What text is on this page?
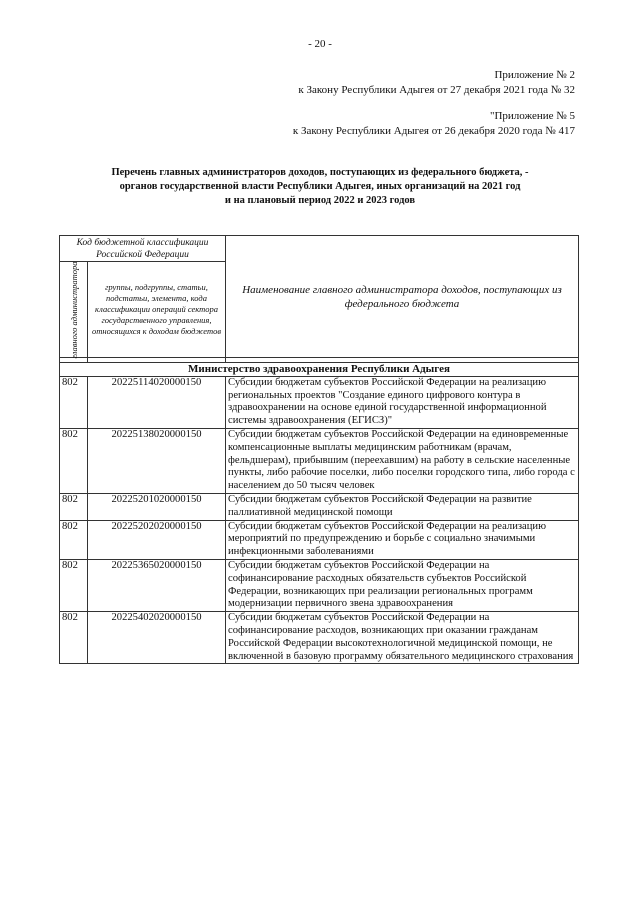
- 20 -
Приложение № 2
к Закону Республики Адыгея от 27 декабря 2021 года № 32
"Приложение № 5
к Закону Республики Адыгея от 26 декабря 2020 года № 417
Перечень главных администраторов доходов, поступающих из федерального бюджета, -
органов государственной власти Республики Адыгея, иных организаций на 2021 год
и на плановый период 2022 и 2023 годов
Код бюджетной классификации Российской Федерации		Наименование главного администратора доходов, поступающих из федерального бюджета

главного администратора	группы, подгруппы, статьи, подстатьи, элемента, кода классификации операций сектора государственного управления, относящихся к доходам бюджетов	

Министерство здравоохранения Республики Адыгея		
802	20225114020000150	Субсидии бюджетам субъектов Российской Федерации на реализацию региональных проектов "Создание единого цифрового контура в здравоохранении на основе единой государственной информационной системы здравоохранения (ЕГИСЗ)"
802	20225138020000150	Субсидии бюджетам субъектов Российской Федерации на единовременные компенсационные выплаты медицинским работникам (врачам, фельдшерам), прибывшим (переехавшим) на работу в сельские населенные пункты, либо рабочие поселки, либо поселки городского типа, либо города с населением до 50 тысяч человек
802	20225201020000150	Субсидии бюджетам субъектов Российской Федерации на развитие паллиативной медицинской помощи
802	20225202020000150	Субсидии бюджетам субъектов Российской Федерации на реализацию мероприятий по предупреждению и борьбе с социально значимыми инфекционными заболеваниями
802	20225365020000150	Субсидии бюджетам субъектов Российской Федерации на софинансирование расходных обязательств субъектов Российской Федерации, возникающих при реализации региональных программ модернизации первичного звена здравоохранения
802	20225402020000150	Субсидии бюджетам субъектов Российской Федерации на софинансирование расходов, возникающих при оказании гражданам Российской Федерации высокотехнологичной медицинской помощи, не включенной в базовую программу обязательного медицинского страхования
